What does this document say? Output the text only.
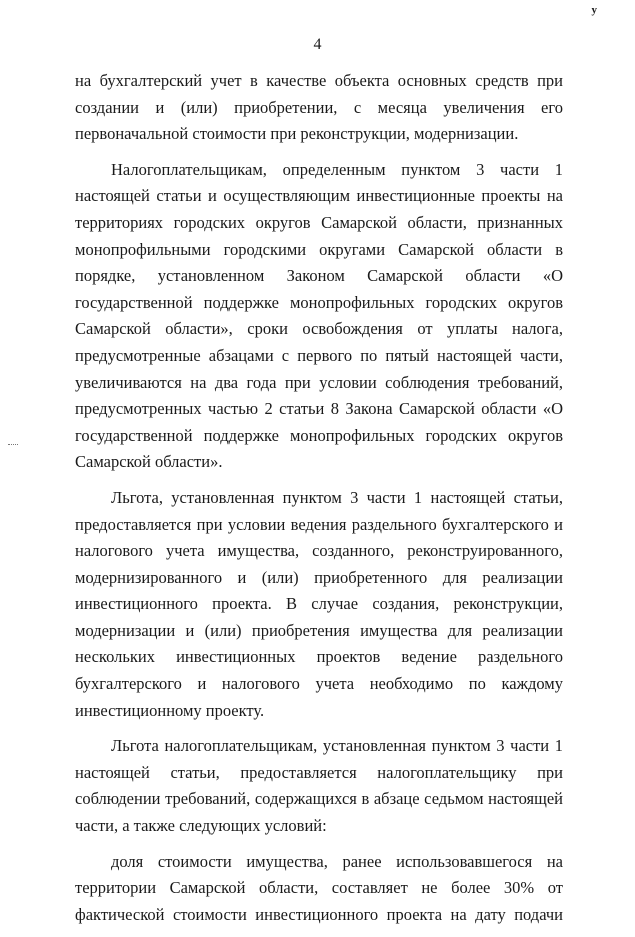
у
4

на бухгалтерский учет в качестве объекта основных средств при создании и (или) приобретении, с месяца увеличения его первоначальной стоимости при реконструкции, модернизации.

Налогоплательщикам, определенным пунктом 3 части 1 настоящей статьи и осуществляющим инвестиционные проекты на территориях городских округов Самарской области, признанных монопрофильными городскими округами Самарской области в порядке, установленном Законом Самарской области «О государственной поддержке монопрофильных городских округов Самарской области», сроки освобождения от уплаты налога, предусмотренные абзацами с первого по пятый настоящей части, увеличиваются на два года при условии соблюдения требований, предусмотренных частью 2 статьи 8 Закона Самарской области «О государственной поддержке монопрофильных городских округов Самарской области».

Льгота, установленная пунктом 3 части 1 настоящей статьи, предоставляется при условии ведения раздельного бухгалтерского и налогового учета имущества, созданного, реконструированного, модернизированного и (или) приобретенного для реализации инвестиционного проекта. В случае создания, реконструкции, модернизации и (или) приобретения имущества для реализации нескольких инвестиционных проектов ведение раздельного бухгалтерского и налогового учета необходимо по каждому инвестиционному проекту.

Льгота налогоплательщикам, установленная пунктом 3 части 1 настоящей статьи, предоставляется налогоплательщику при соблюдении требований, содержащихся в абзаце седьмом настоящей части, а также следующих условий:

доля стоимости имущества, ранее использовавшегося на территории Самарской области, составляет не более 30% от фактической стоимости инвестиционного проекта на дату подачи
